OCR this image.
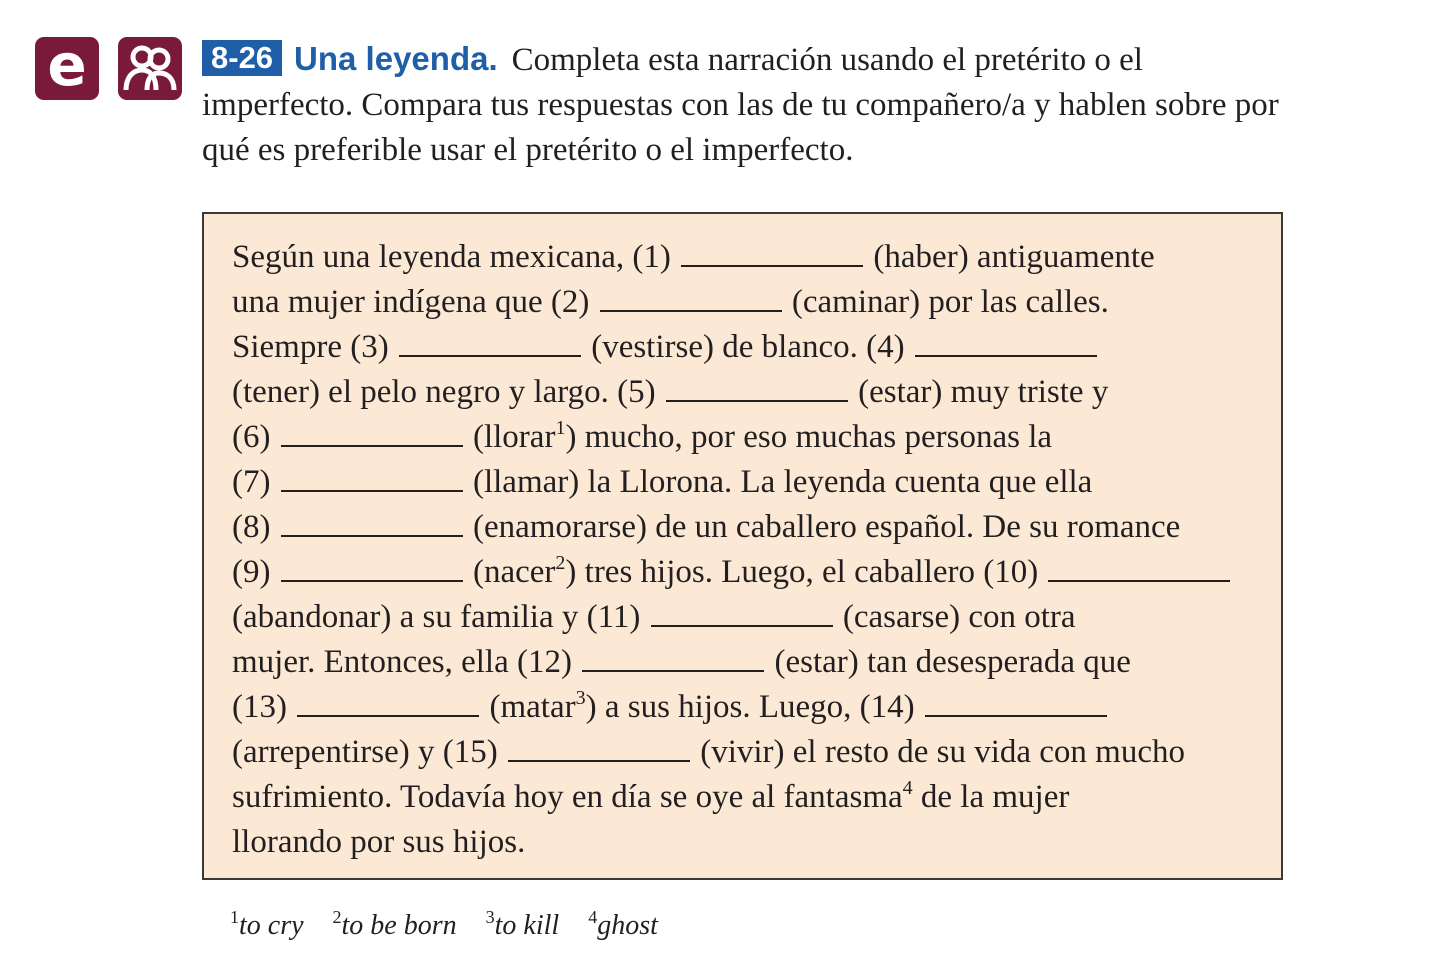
e	8-26 Una leyenda. Completa esta narración usando el pretérito o el imperfecto. Compara tus respuestas con las de tu compañero/a y hablen sobre por qué es preferible usar el pretérito o el imperfecto.
Según una leyenda mexicana, (1)	(haber) antiguamente
una mujer indígena que (2)	(caminar) por las calles.
Siempre (3)	(vestirse) de blanco. (4)
(tener) el pelo negro y largo. (5)	(estar) muy triste y
(6)	(llorar$^1$) mucho, por eso muchas personas la
(7)	(llamar) la Llorona. La leyenda cuenta que ella
(8)	(enamorarse) de un caballero español. De su romance
(9)	(nacer$^2$) tres hijos. Luego, el caballero (10)
(abandonar) a su familia y (11)	(casarse) con otra
mujer. Entonces, ella (12)	(estar) tan desesperada que
(13)	(matar$^3$) a sus hijos. Luego, (14)
(arrepentirse) y (15)	(vivir) el resto de su vida con mucho
sufrimiento. Todavía hoy en día se oye al fantasma$^4$ de la mujer
llorando por sus hijos.
$^1$to cry $^2$to be born $^3$to kill $^4$ghost
